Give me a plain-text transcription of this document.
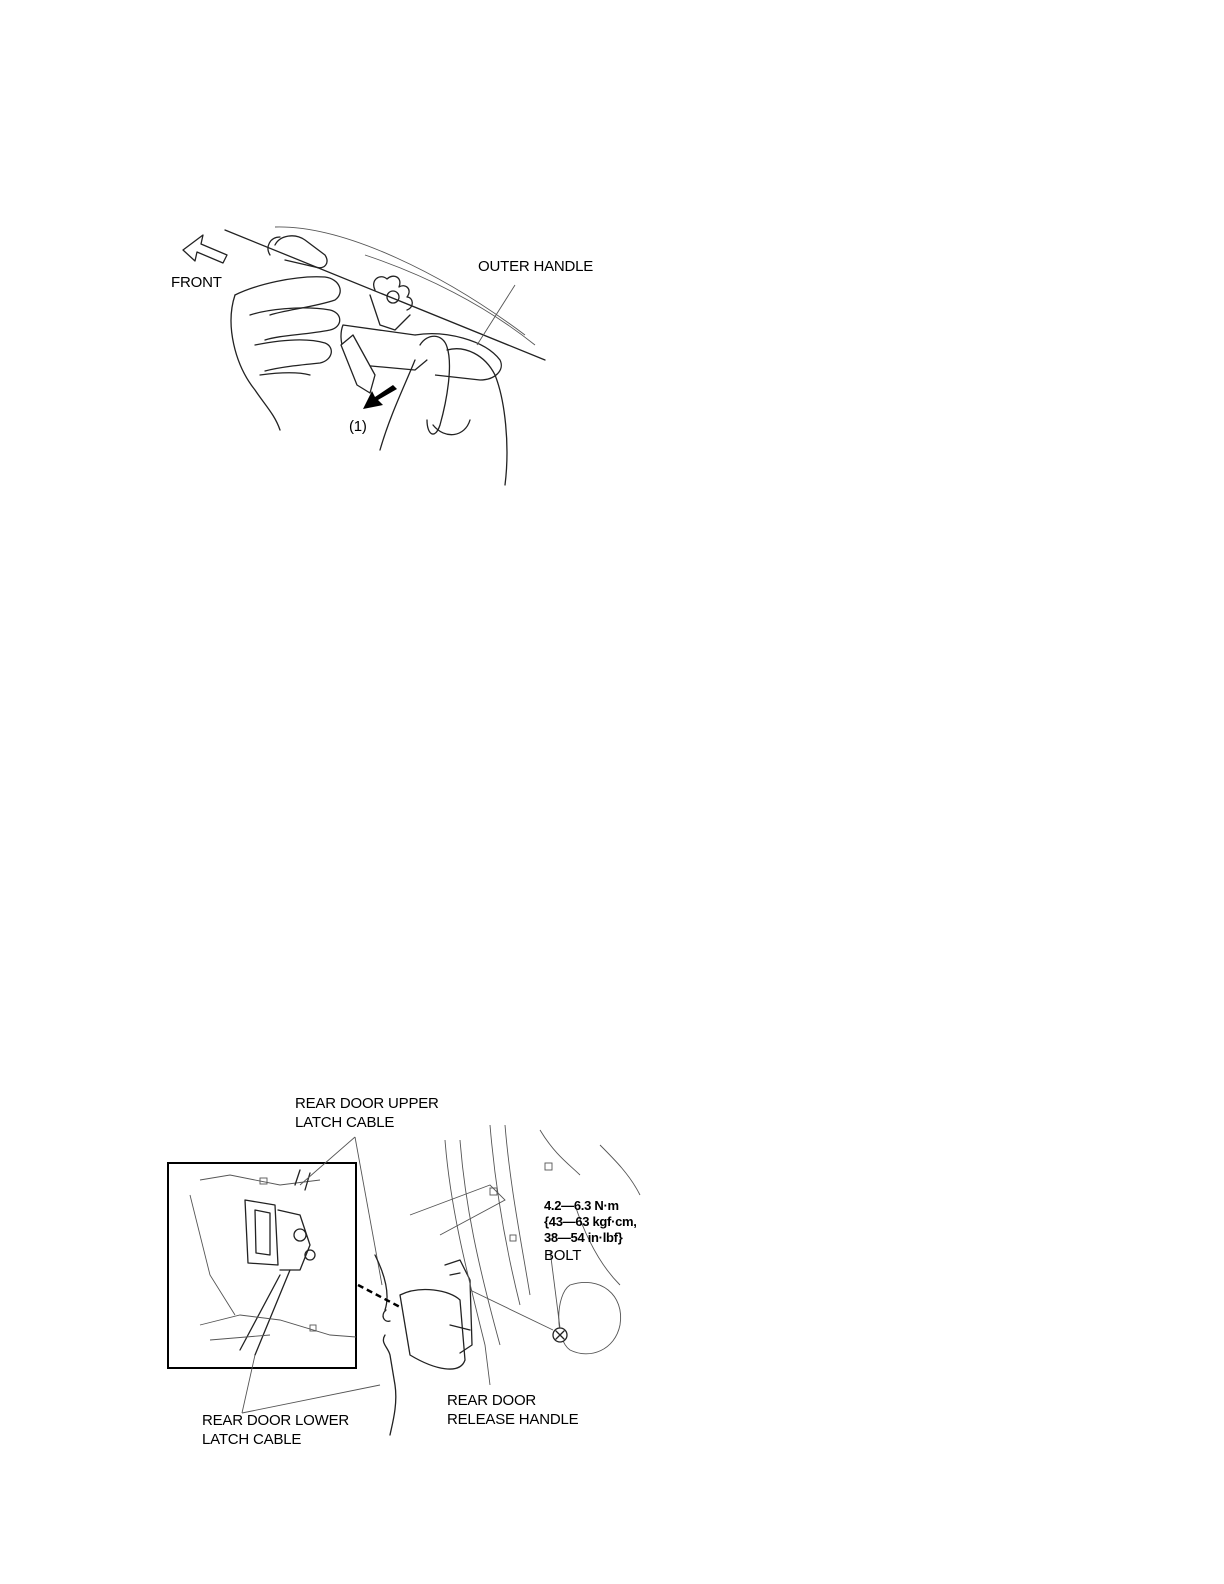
FRONT
OUTER HANDLE
(1)
REAR DOOR UPPER
LATCH CABLE
REAR DOOR LOWER
LATCH CABLE
REAR DOOR
RELEASE HANDLE
4.2—6.3 N·m
{43—63 kgf·cm,
38—54 in·lbf}
BOLT
